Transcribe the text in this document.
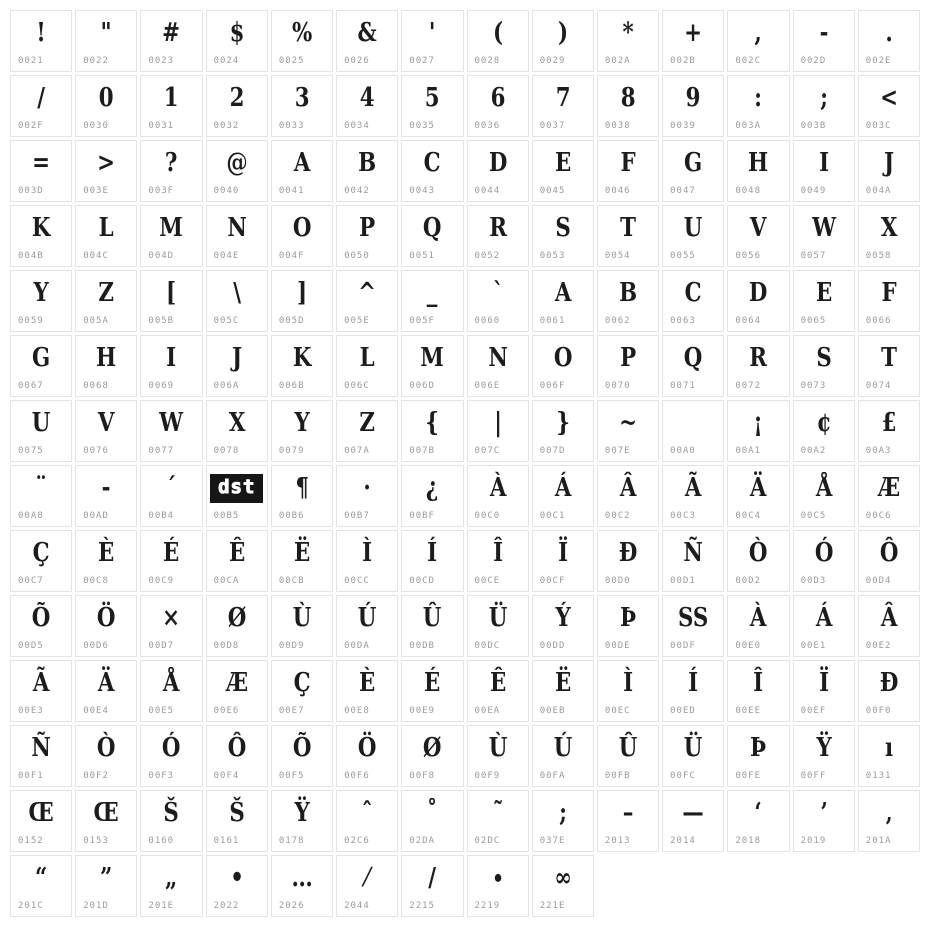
!
0021
"
0022
#
0023
$
0024
%
0025
&
0026
'
0027
(
0028
)
0029
*
002A
+
002B
,
002C
-
002D
.
002E
/
002F
0
0030
1
0031
2
0032
3
0033
4
0034
5
0035
6
0036
7
0037
8
0038
9
0039
:
003A
;
003B
<
003C
=
003D
>
003E
?
003F
@
0040
A
0041
B
0042
C
0043
D
0044
E
0045
F
0046
G
0047
H
0048
I
0049
J
004A
K
004B
L
004C
M
004D
N
004E
O
004F
P
0050
Q
0051
R
0052
S
0053
T
0054
U
0055
V
0056
W
0057
X
0058
Y
0059
Z
005A
[
005B
\
005C
]
005D
^
005E
_
005F
`
0060
A
0061
B
0062
C
0063
D
0064
E
0065
F
0066
G
0067
H
0068
I
0069
J
006A
K
006B
L
006C
M
006D
N
006E
O
006F
P
0070
Q
0071
R
0072
S
0073
T
0074
U
0075
V
0076
W
0077
X
0078
Y
0079
Z
007A
{
007B
|
007C
}
007D
~
007E	00A0
¡
00A1
¢
00A2
£
00A3
¨
00A8
-
00AD
´
00B4
dst
00B5
¶
00B6
·
00B7
¿
00BF
À
00C0
Á
00C1
Â
00C2
Ã
00C3
Ä
00C4
Å
00C5
Æ
00C6
Ç
00C7
È
00C8
É
00C9
Ê
00CA
Ë
00CB
Ì
00CC
Í
00CD
Î
00CE
Ï
00CF
Ð
00D0
Ñ
00D1
Ò
00D2
Ó
00D3
Ô
00D4
Õ
00D5
Ö
00D6
×
00D7
Ø
00D8
Ù
00D9
Ú
00DA
Û
00DB
Ü
00DC
Ý
00DD
Þ
00DE
SS
00DF
À
00E0
Á
00E1
Â
00E2
Ã
00E3
Ä
00E4
Å
00E5
Æ
00E6
Ç
00E7
È
00E8
É
00E9
Ê
00EA
Ë
00EB
Ì
00EC
Í
00ED
Î
00EE
Ï
00EF
Ð
00F0
Ñ
00F1
Ò
00F2
Ó
00F3
Ô
00F4
Õ
00F5
Ö
00F6
Ø
00F8
Ù
00F9
Ú
00FA
Û
00FB
Ü
00FC
Þ
00FE
Ÿ
00FF
ı
0131
Œ
0152
Œ
0153
Š
0160
Š
0161
Ÿ
0178
ˆ
02C6
˚
02DA
˜
02DC
;
037E
–
2013
—
2014
‘
2018
’
2019
‚
201A
“
201C
”
201D
„
201E
•
2022
…
2026
⁄
2044
∕
2215
∙
2219
∞
221E
